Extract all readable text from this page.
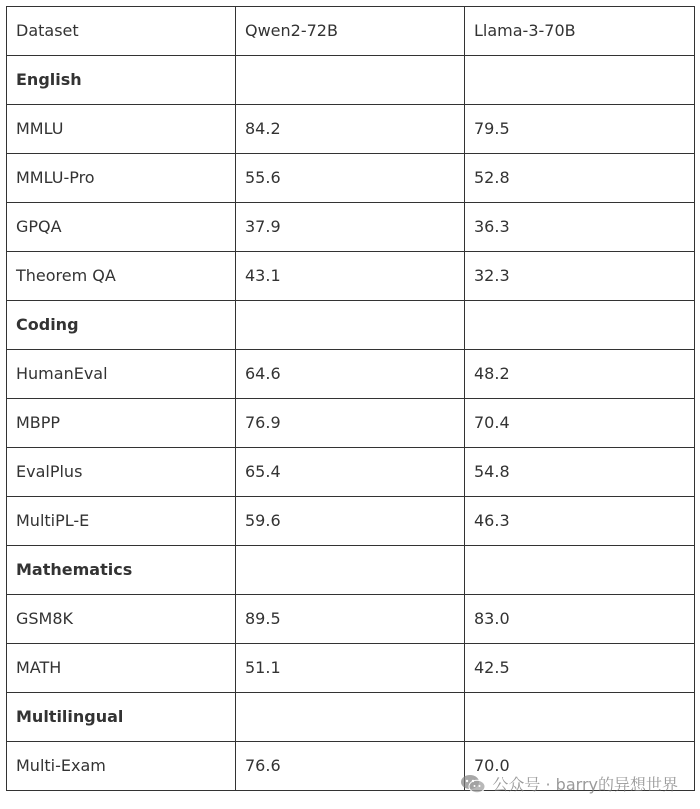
Dataset	Qwen2-72B	Llama-3-70B
English		
MMLU	84.2	79.5
MMLU-Pro	55.6	52.8
GPQA	37.9	36.3
Theorem QA	43.1	32.3
Coding		
HumanEval	64.6	48.2
MBPP	76.9	70.4
EvalPlus	65.4	54.8
MultiPL-E	59.6	46.3
Mathematics		
GSM8K	89.5	83.0
MATH	51.1	42.5
Multilingual		
Multi-Exam	76.6	70.0
公众号 · barry的异想世界
